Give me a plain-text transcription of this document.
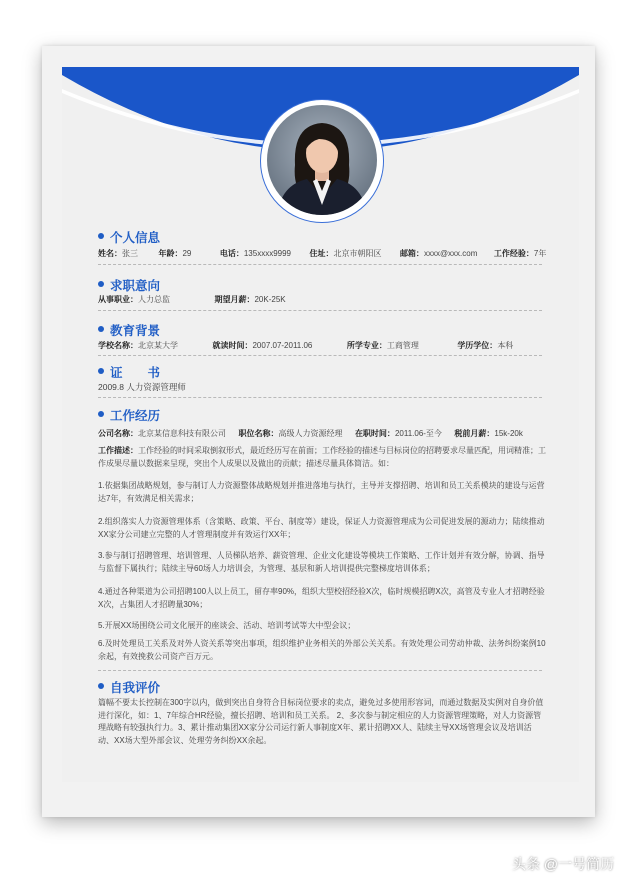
个人信息
姓名：张三	年龄：29	电话：135xxxx9999 住址：北京市朝阳区 邮箱：xxxx@xxx.com 工作经验：7年
求职意向
从事职业：人力总监	期望月薪：20K-25K
教育背景
学校名称：北京某大学	就读时间：2007.07-2011.06	所学专业：工商管理	学历学位：本科
证　　书
2009.8 人力资源管理师
工作经历
公司名称：北京某信息科技有限公司 职位名称：高级人力资源经理 在职时间：2011.06-至今 税前月薪：15k-20k
工作描述：工作经验的时间采取倒叙形式，最近经历写在前面；工作经验的描述与目标岗位的招聘要求尽量匹配，用词精准；工作成果尽量以数据来呈现，突出个人成果以及做出的贡献；描述尽量具体简洁。如：
1.依据集团战略规划，参与制订人力资源整体战略规划并推进落地与执行，主导并支撑招聘、培训和员工关系模块的建设与运营达7年，有效满足相关需求；
2.组织落实人力资源管理体系（含策略、政策、平台、制度等）建设，保证人力资源管理成为公司促进发展的源动力；陆续推动XX家分公司建立完整的人才管理制度并有效运行XX年；
3.参与制订招聘管理、培训管理、人员梯队培养、薪资管理、企业文化建设等模块工作策略、工作计划并有效分解，协调、指导与监督下属执行；陆续主导60场人力培训会，为管理、基层和新人培训提供完整梯度培训体系；
4.通过各种渠道为公司招聘100人以上员工，留存率90%，组织大型校招经验X次，临时规模招聘X次，高管及专业人才招聘经验X次，占集团人才招聘量30%；
5.开展XX场围绕公司文化展开的座谈会、活动、培训考试等大中型会议；
6.及时处理员工关系及对外人资关系等突出事项，组织维护业务相关的外部公关关系。有效处理公司劳动仲裁、法务纠纷案例10余起，有效挽救公司资产百万元。
自我评价
篇幅不要太长控制在300字以内，做到突出自身符合目标岗位要求的卖点，避免过多使用形容词，而通过数据及实例对自身价值进行深化，如：1、7年综合HR经验，擅长招聘、培训和员工关系。 2、多次参与制定相应的人力资源管理策略，对人力资源管理战略有较强执行力。3、累计推动集团XX家分公司运行新人事制度X年、累计招聘XX人、陆续主导XX场管理会议及培训活动、XX场大型外部会议、处理劳务纠纷XX余起。
头条 @一号简历
